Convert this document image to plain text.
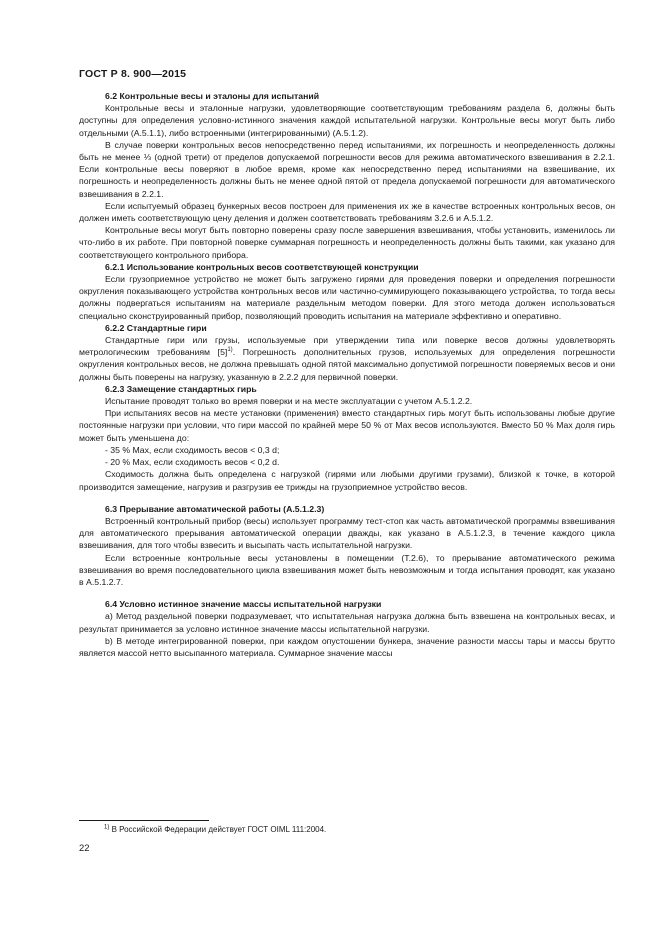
ГОСТ Р 8. 900—2015

6.2 Контрольные весы и эталоны для испытаний

Контрольные весы и эталонные нагрузки, удовлетворяющие соответствующим требованиям раздела 6, должны быть доступны для определения условно-истинного значения каждой испытательной нагрузки. Контрольные весы могут быть либо отдельными (А.5.1.1), либо встроенными (интегрированными) (А.5.1.2).

В случае поверки контрольных весов непосредственно перед испытаниями, их погрешность и неопределенность должны быть не менее ⅓ (одной трети) от пределов допускаемой погрешности весов для режима автоматического взвешивания в 2.2.1. Если контрольные весы поверяют в любое время, кроме как непосредственно перед испытаниями на взвешивание, их погрешность и неопределенность должны быть не менее одной пятой от предела допускаемой погрешности для автоматического взвешивания в 2.2.1.

Если испытуемый образец бункерных весов построен для применения их же в качестве встроенных контрольных весов, он должен иметь соответствующую цену деления и должен соответствовать требованиям 3.2.6 и А.5.1.2.

Контрольные весы могут быть повторно поверены сразу после завершения взвешивания, чтобы установить, изменилось ли что-либо в их работе. При повторной поверке суммарная погрешность и неопределенность должны быть такими, как указано для соответствующего контрольного прибора.

6.2.1 Использование контрольных весов соответствующей конструкции

Если грузоприемное устройство не может быть загружено гирями для проведения поверки и определения погрешности округления показывающего устройства контрольных весов или частично-суммирующего показывающего устройства, то тогда весы должны подвергаться испытаниям на материале раздельным методом поверки. Для этого метода должен использоваться специально сконструированный прибор, позволяющий проводить испытания на материале эффективно и оперативно.

6.2.2 Стандартные гири

Стандартные гири или грузы, используемые при утверждении типа или поверке весов должны удовлетворять метрологическим требованиям $[5]^{1)}$. Погрешность дополнительных грузов, используемых для определения погрешности округления контрольных весов, не должна превышать одной пятой максимально допустимой погрешности поверяемых весов и они должны быть поверены на нагрузку, указанную в 2.2.2 для первичной поверки.

6.2.3 Замещение стандартных гирь

Испытание проводят только во время поверки и на месте эксплуатации с учетом А.5.1.2.2.

При испытаниях весов на месте установки (применения) вместо стандартных гирь могут быть использованы любые другие постоянные нагрузки при условии, что гири массой по крайней мере 50 % от Max весов используются. Вместо 50 % Max доля гирь может быть уменьшена до:

- 35 % Max, если сходимость весов < 0,3 d;
- 20 % Max, если сходимость весов < 0,2 d.

Сходимость должна быть определена с нагрузкой (гирями или любыми другими грузами), близкой к точке, в которой производится замещение, нагрузив и разгрузив ее трижды на грузоприемное устройство весов.

6.3 Прерывание автоматической работы (А.5.1.2.3)

Встроенный контрольный прибор (весы) использует программу тест-стоп как часть автоматической программы взвешивания для автоматического прерывания автоматической операции дважды, как указано в А.5.1.2.3, в течение каждого цикла взвешивания, для того чтобы взвесить и высыпать часть испытательной нагрузки.

Если встроенные контрольные весы установлены в помещении (Т.2.6), то прерывание автоматического режима взвешивания во время последовательного цикла взвешивания может быть невозможным и тогда испытания проводят, как указано в А.5.1.2.7.

6.4 Условно истинное значение массы испытательной нагрузки

а) Метод раздельной поверки подразумевает, что испытательная нагрузка должна быть взвешена на контрольных весах, и результат принимается за условно истинное значение массы испытательной нагрузки.

b) В методе интегрированной поверки, при каждом опустошении бункера, значение разности массы тары и массы брутто является массой нетто высыпанного материала. Суммарное значение массы

$^{1)}$ В Российской Федерации действует ГОСТ OIML 111:2004.
22
